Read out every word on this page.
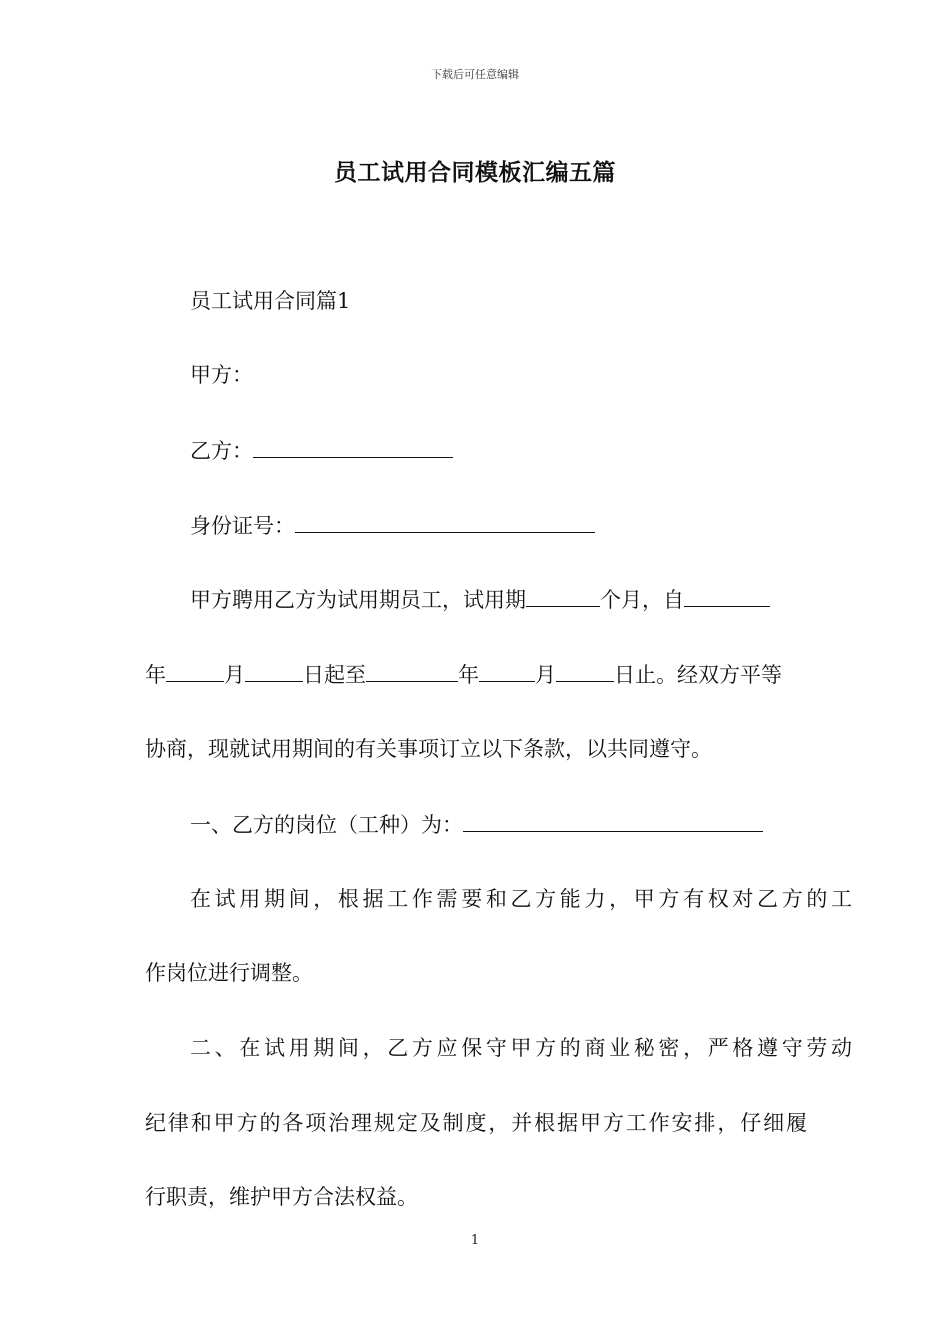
下载后可任意编辑
员工试用合同模板汇编五篇
员工试用合同篇1
甲方：
乙方：
身份证号：
甲方聘用乙方为试用期员工，试用期	个月，自
年	月	日起至	年	月	日止。经双方平等
协商，现就试用期间的有关事项订立以下条款，以共同遵守。
一、乙方的岗位（工种）为：
在试用期间，根据工作需要和乙方能力，甲方有权对乙方的工
作岗位进行调整。
二、在试用期间，乙方应保守甲方的商业秘密，严格遵守劳动
纪律和甲方的各项治理规定及制度，并根据甲方工作安排，仔细履
行职责，维护甲方合法权益。
1
